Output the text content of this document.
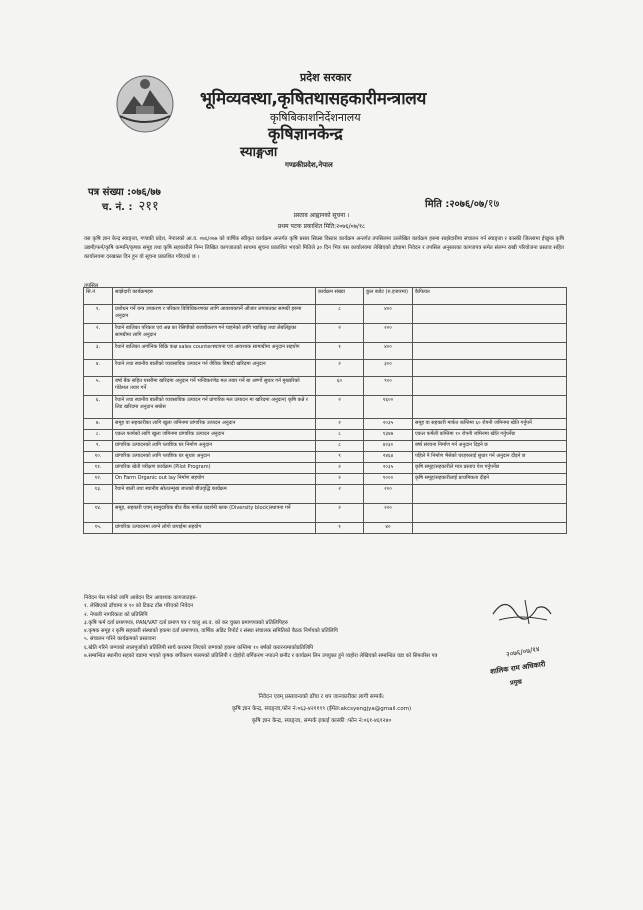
प्रदेश सरकार
भूमिव्यवस्था,कृषितथासहकारीमन्त्रालय
कृषिबिकाशनिर्देशनालय
कृषिज्ञानकेन्द्र
स्याङ्गजा
गण्डकीप्रदेश,नेपाल
पत्र संख्या :०७६/७७
च. नं. : २११	मिति :२०७६/०७/१७
प्रस्ताव आह्वानको सूचना ।
प्रथम पटक प्रकाशित मिति:२०७६/०७/१८
यस कृषि ज्ञान केन्द्र स्याङ्जा, गण्डकी प्रदेश, नेपालको आ.व. ०७६/०७७ को वार्षिक स्वीकृत कार्यक्रम अन्तर्गत कृषि प्रसार सिप्रस विस्तार कार्यक्रम अन्तर्गत तपसिलमा उल्लेखित कार्यक्रम हरुमा साझेदारीमा संचालन गर्न स्याङ्जा र कास्की जिल्लामा ईच्छुक कृषि उद्यमी/फर्म/कृषि कम्पनि/कृषक समूह तथा कृषि सहकारीले निम्न लिखित कागजातको साथमा सूचना प्रकाशित भएको मितिले ३० दिन भित्र यस कार्यालयमा लेखिएको ढाँचामा निवेदन र तपसिल अनुसारका कागजपत्र समेत संलग्न राखी परियोजना प्रस्ताव सहित कार्यालयमा दरखास्त दिन हुन यो सूचना प्रकाशित गरिएको छ ।
तपसिल
सि.नं	साझेदारी कार्यक्रमहरु	कार्यक्रम संख्या	कुल बजेट (रु.हजारमा)	कैफियत
१.	प्रशोधन गर्ने यन्त्र उपकरण र परिकार विविधिकरणका लागि आवश्यकपर्ने औजार लगायतका सामग्री हरुमा अनुदान	८	४००	
२.	रैथाने बालिका परिकार एवं अन्न का रेसिपीको बजारीकरण गर्न चाहनेको लागि प्याकिङ्ग तथा लेबलिङ्गका सामग्रीमा लागि अनुदान	२	२००	
३.	रैथाने बालिका अर्गानिक बिक्रि कक्ष sales counterस्थापना एवं आवश्यक सामाग्रीमा अनुदान सहयोग	१	४००	
४.	रैथाने तथा स्थानीय बालीको व्यवसायिक उत्पादन गर्न जैविक बिषादी खरिदमा अनुदान	२	३००	
५.	बर्षा बैंक सहित यसरीमा खरिदमा अनुदान गर्ने भन्डिकरणेढ मल तयार गर्ने बा अर्ण्गो सुधार गर्न मुख्यरिको गोठेमल तयार गर्ने	६०	९००	
६.	रैथाने तथा स्थानीय बालीको व्यवसायिक उत्पादन गर्न प्रांगारिक मल उत्पादन मा खरिदमा अनुदान( कृषि कन्ने र लिड खरिदमा अनुदान सबोस	२	१६००	
७.	समूह वा सहकारीका लागि खुला जमिनमा प्रांगारिक उत्पादन अनुदान	२	२०३५	समूह वा सहकारी मार्फत कम्तिमा ६० रोपनी जमिनमा खेति गर्नुपर्ने
८.	एकल फार्मको लागि खुला जमिनमा प्रांगारिक उत्पादन अनुदान	८	१३४७	एकल फर्मेली कम्तिमा १० रोपनी जमिनमा खेति गर्नुपर्नेछ
९.	प्रांगारिक उत्पादनको लागि प्लाष्टिक घर निर्माण अनुदान	८	४२३०	बर्षा संरचना निर्माण गर्न अनुदान दिइने छ
१०.	प्रांगारिक उत्पादनको लागि प्लाष्टिक घर सुधार अनुदान	९	२४६४	पहिले नै निर्माण भैसेको घरहरुलाई सुधार गर्न अनुदान दीइने छ
११.	प्रांगारिक खेती परीक्षण कार्यक्रम (Pilot Program)	२	२०३५	कृषि समूह/सहकारीले मात्र प्रस्ताव पेश गर्नुपर्नेछ
१२.	On Farm Organic out lay निर्माण सहयोग	२	१०००	कृषि समूह/सहकारीलाई प्राथमिकता दीइने
१३.	रैथाने बाली तथा स्थानीय स्रोतउन्मुख जातको बीउवृद्धि कार्यक्रम	२	२००	
१४.	समूह, सहकारी एवम् सामुदायिक बीउ बैंक मार्फत प्रदर्शनी ब्लक (Diversity block)स्थापना गर्ने	२	२००	
१५.	प्रांगारिक उत्पादनमा लाग्ने लोगो छपाईमा सहयोग	१	४०	
निवेदन पेस गर्नको लागि आबेदन दिन आवश्यक कागजातहरु-
१. लेखिएको ढाँचामा रु १० को टिकट टाँस गरिएको निवेदन
२. नेपाली नागरिकता को प्रतिलिपि
३.कृषि फर्म दर्ता प्रमाणपत्र, PAN/VAT दर्ता प्रमाण पत्र र चालु आ.व. को कर चुक्ता प्रमाणपत्रको प्रतिलिपिहरु
४.कृषक समूह र कृषि सहकारी संस्थाको हकमा दर्ता प्रमाणपत्र, वार्षिक अडिट रिपोर्ट र संस्था संचालक समितिको बैठक निर्णयको प्रतिलिपि
५. संचालन गरिने कार्यक्रमको प्रस्तावना
६.खेति गरिने जग्गाको लालपुर्जाको प्रतिलिपी साथै करारमा लिएको जग्गाको हकमा कम्तिमा १० बर्षको करारनामाकोप्रतिलिपि
७.सम्बन्धित स्थानीय सहको वडामा भएको कृषक बर्गीकरण फारमको प्रतिलिपी र दोहोरो बर्गिकरण नपाउने छनौट र कार्यक्रम लिन उपयुक्त हुने व्यहोरा लेखिएको सम्बन्धित वडा को सिफारिस पत्र	२०७६/०७/१४
शालिक राम अधिकारी
प्रमुख
निवेदन एवम् प्रस्तावनाको ढाँचा र थप जानकारीका लागी सम्पर्क:
कृषि ज्ञान केन्द्र, स्याङ्जा,फोन नं:०६३-४२११९९ (ईमेल:akcsyengjya@gmail.com)
कृषि ज्ञान केन्द्र, स्याङ्जा, सम्पर्क इकाई कास्की :फोन नं:०६१-४६१२४०
